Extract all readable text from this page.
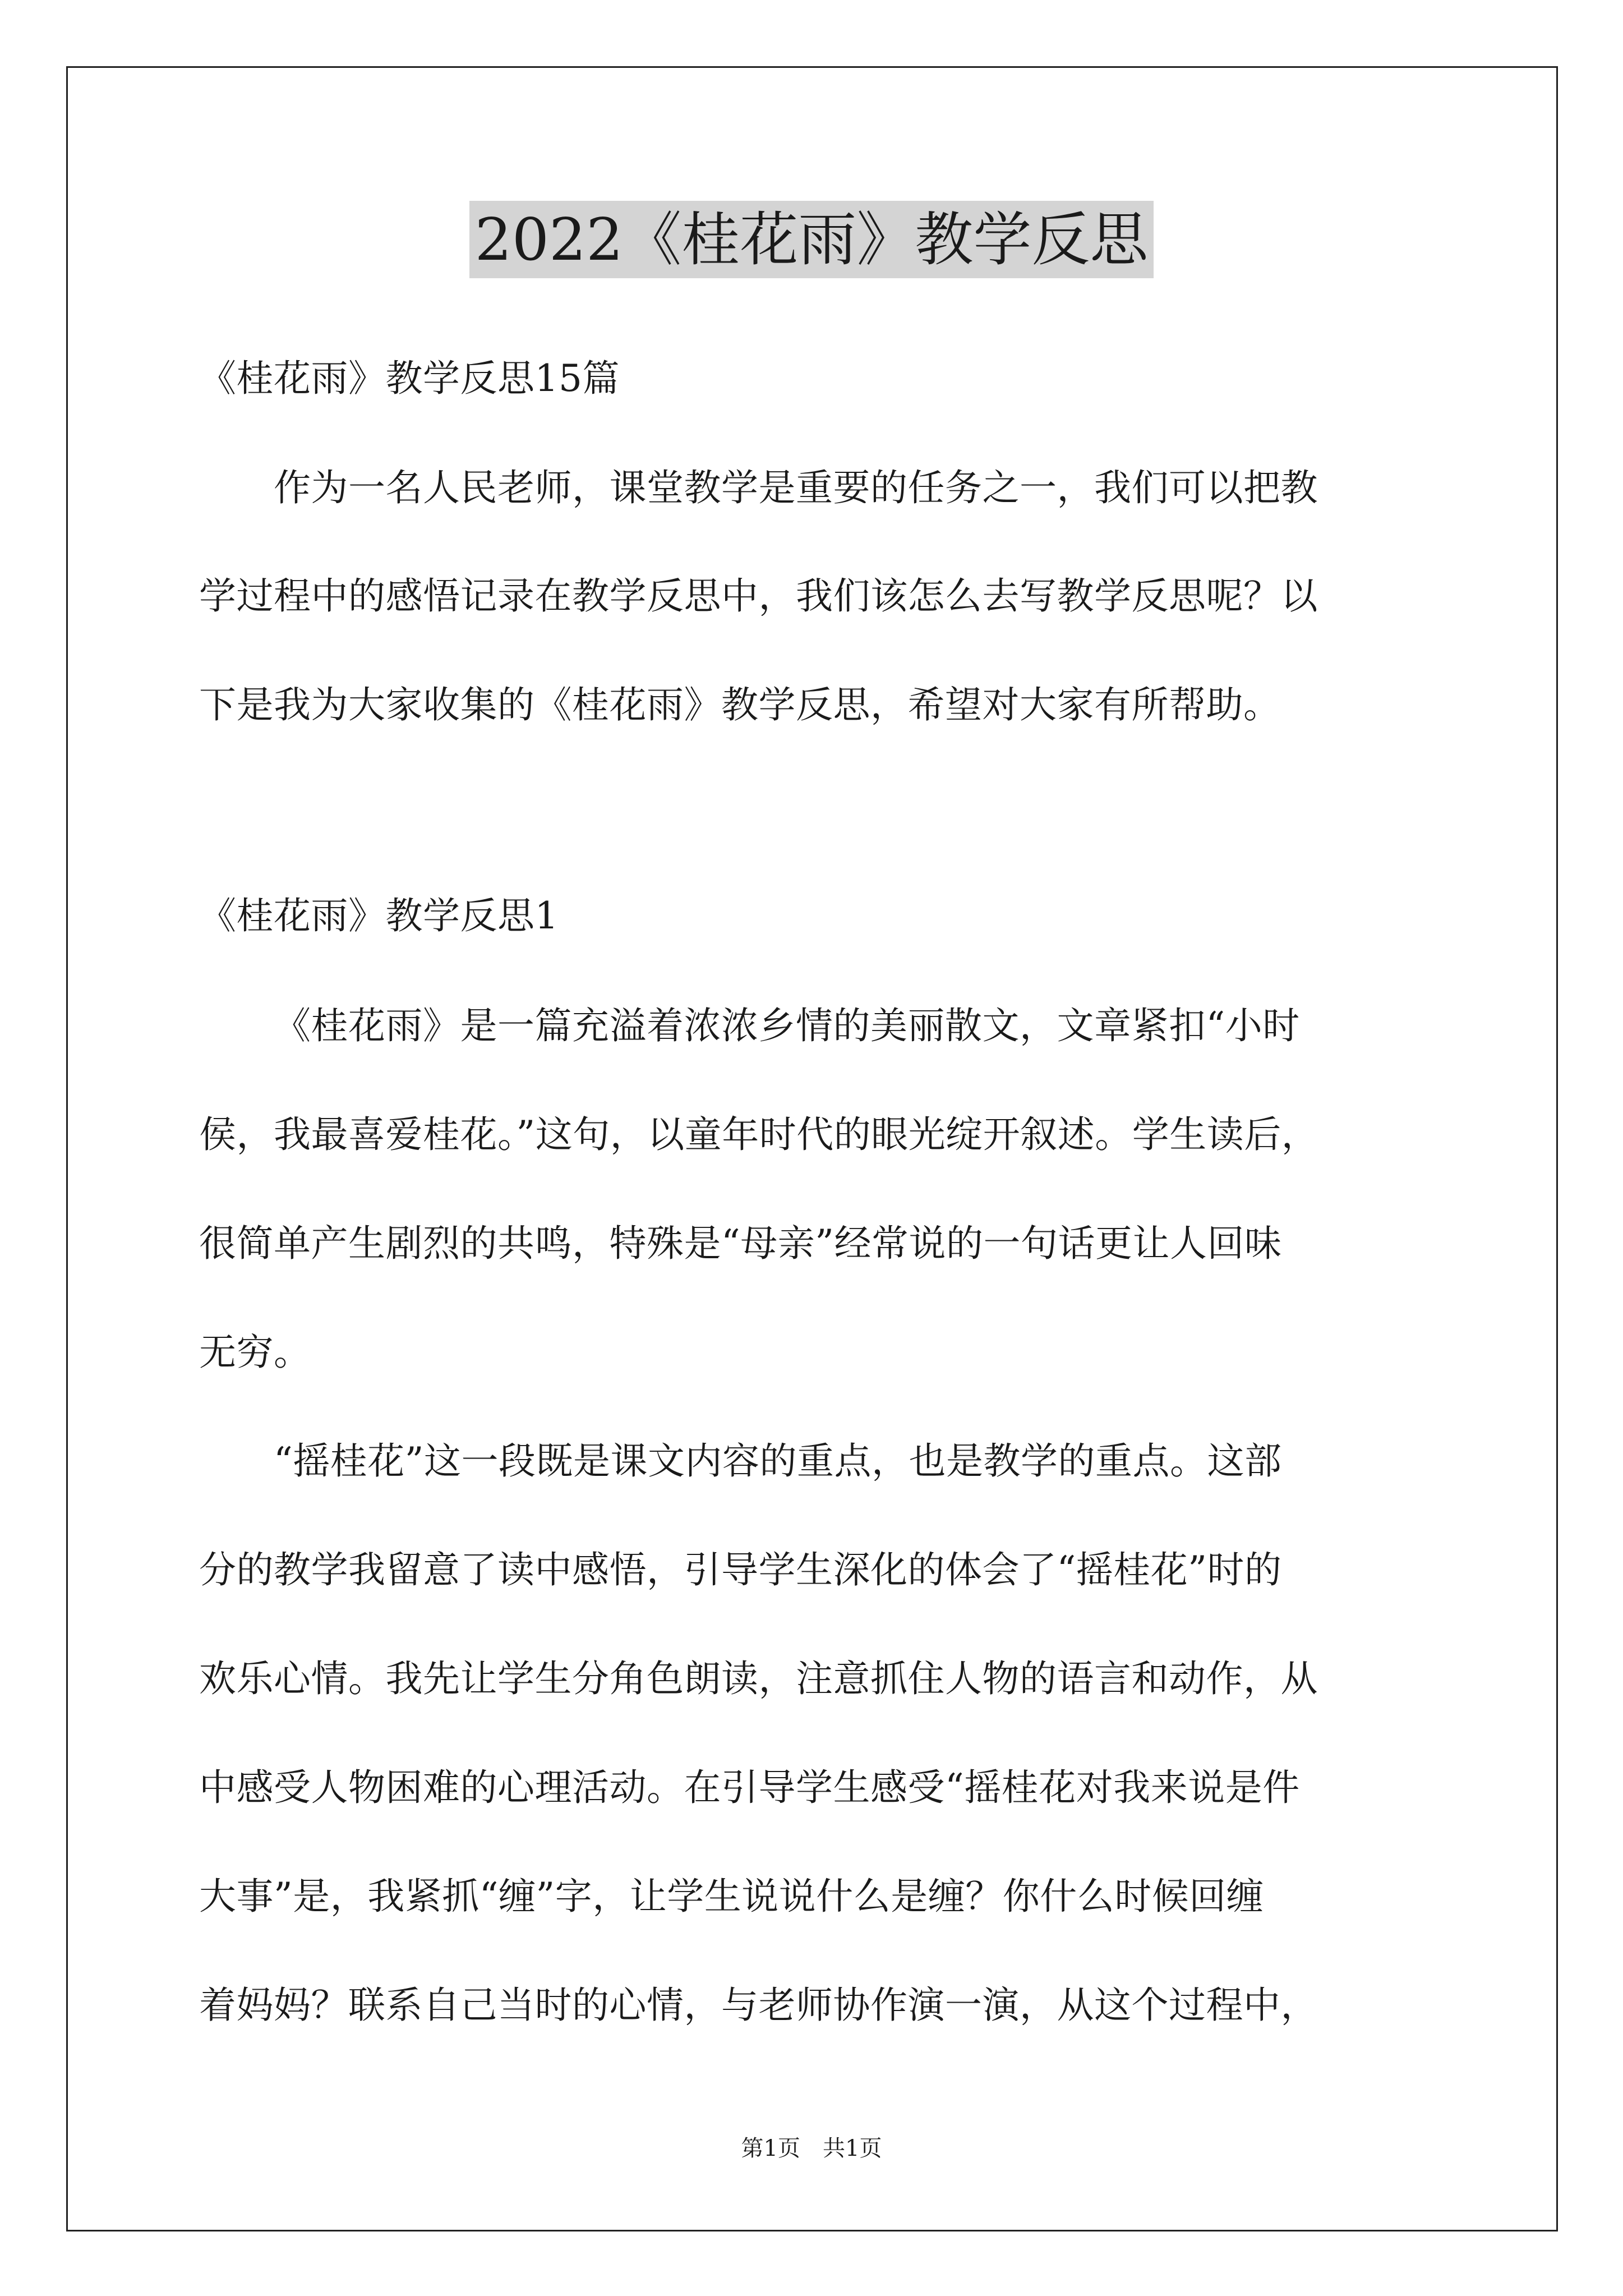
2022《桂花雨》教学反思
《桂花雨》教学反思15篇
作为一名人民老师，课堂教学是重要的任务之一，我们可以把教
学过程中的感悟记录在教学反思中，我们该怎么去写教学反思呢？以
下是我为大家收集的《桂花雨》教学反思，希望对大家有所帮助。
《桂花雨》教学反思1
《桂花雨》是一篇充溢着浓浓乡情的美丽散文，文章紧扣“小时
侯，我最喜爱桂花。”这句，以童年时代的眼光绽开叙述。学生读后，
很简单产生剧烈的共鸣，特殊是“母亲”经常说的一句话更让人回味
无穷。
“摇桂花”这一段既是课文内容的重点，也是教学的重点。这部
分的教学我留意了读中感悟，引导学生深化的体会了“摇桂花”时的
欢乐心情。我先让学生分角色朗读，注意抓住人物的语言和动作，从
中感受人物困难的心理活动。在引导学生感受“摇桂花对我来说是件
大事”是，我紧抓“缠”字，让学生说说什么是缠？你什么时候回缠
着妈妈？联系自己当时的心情，与老师协作演一演，从这个过程中，
第1页　共1页
